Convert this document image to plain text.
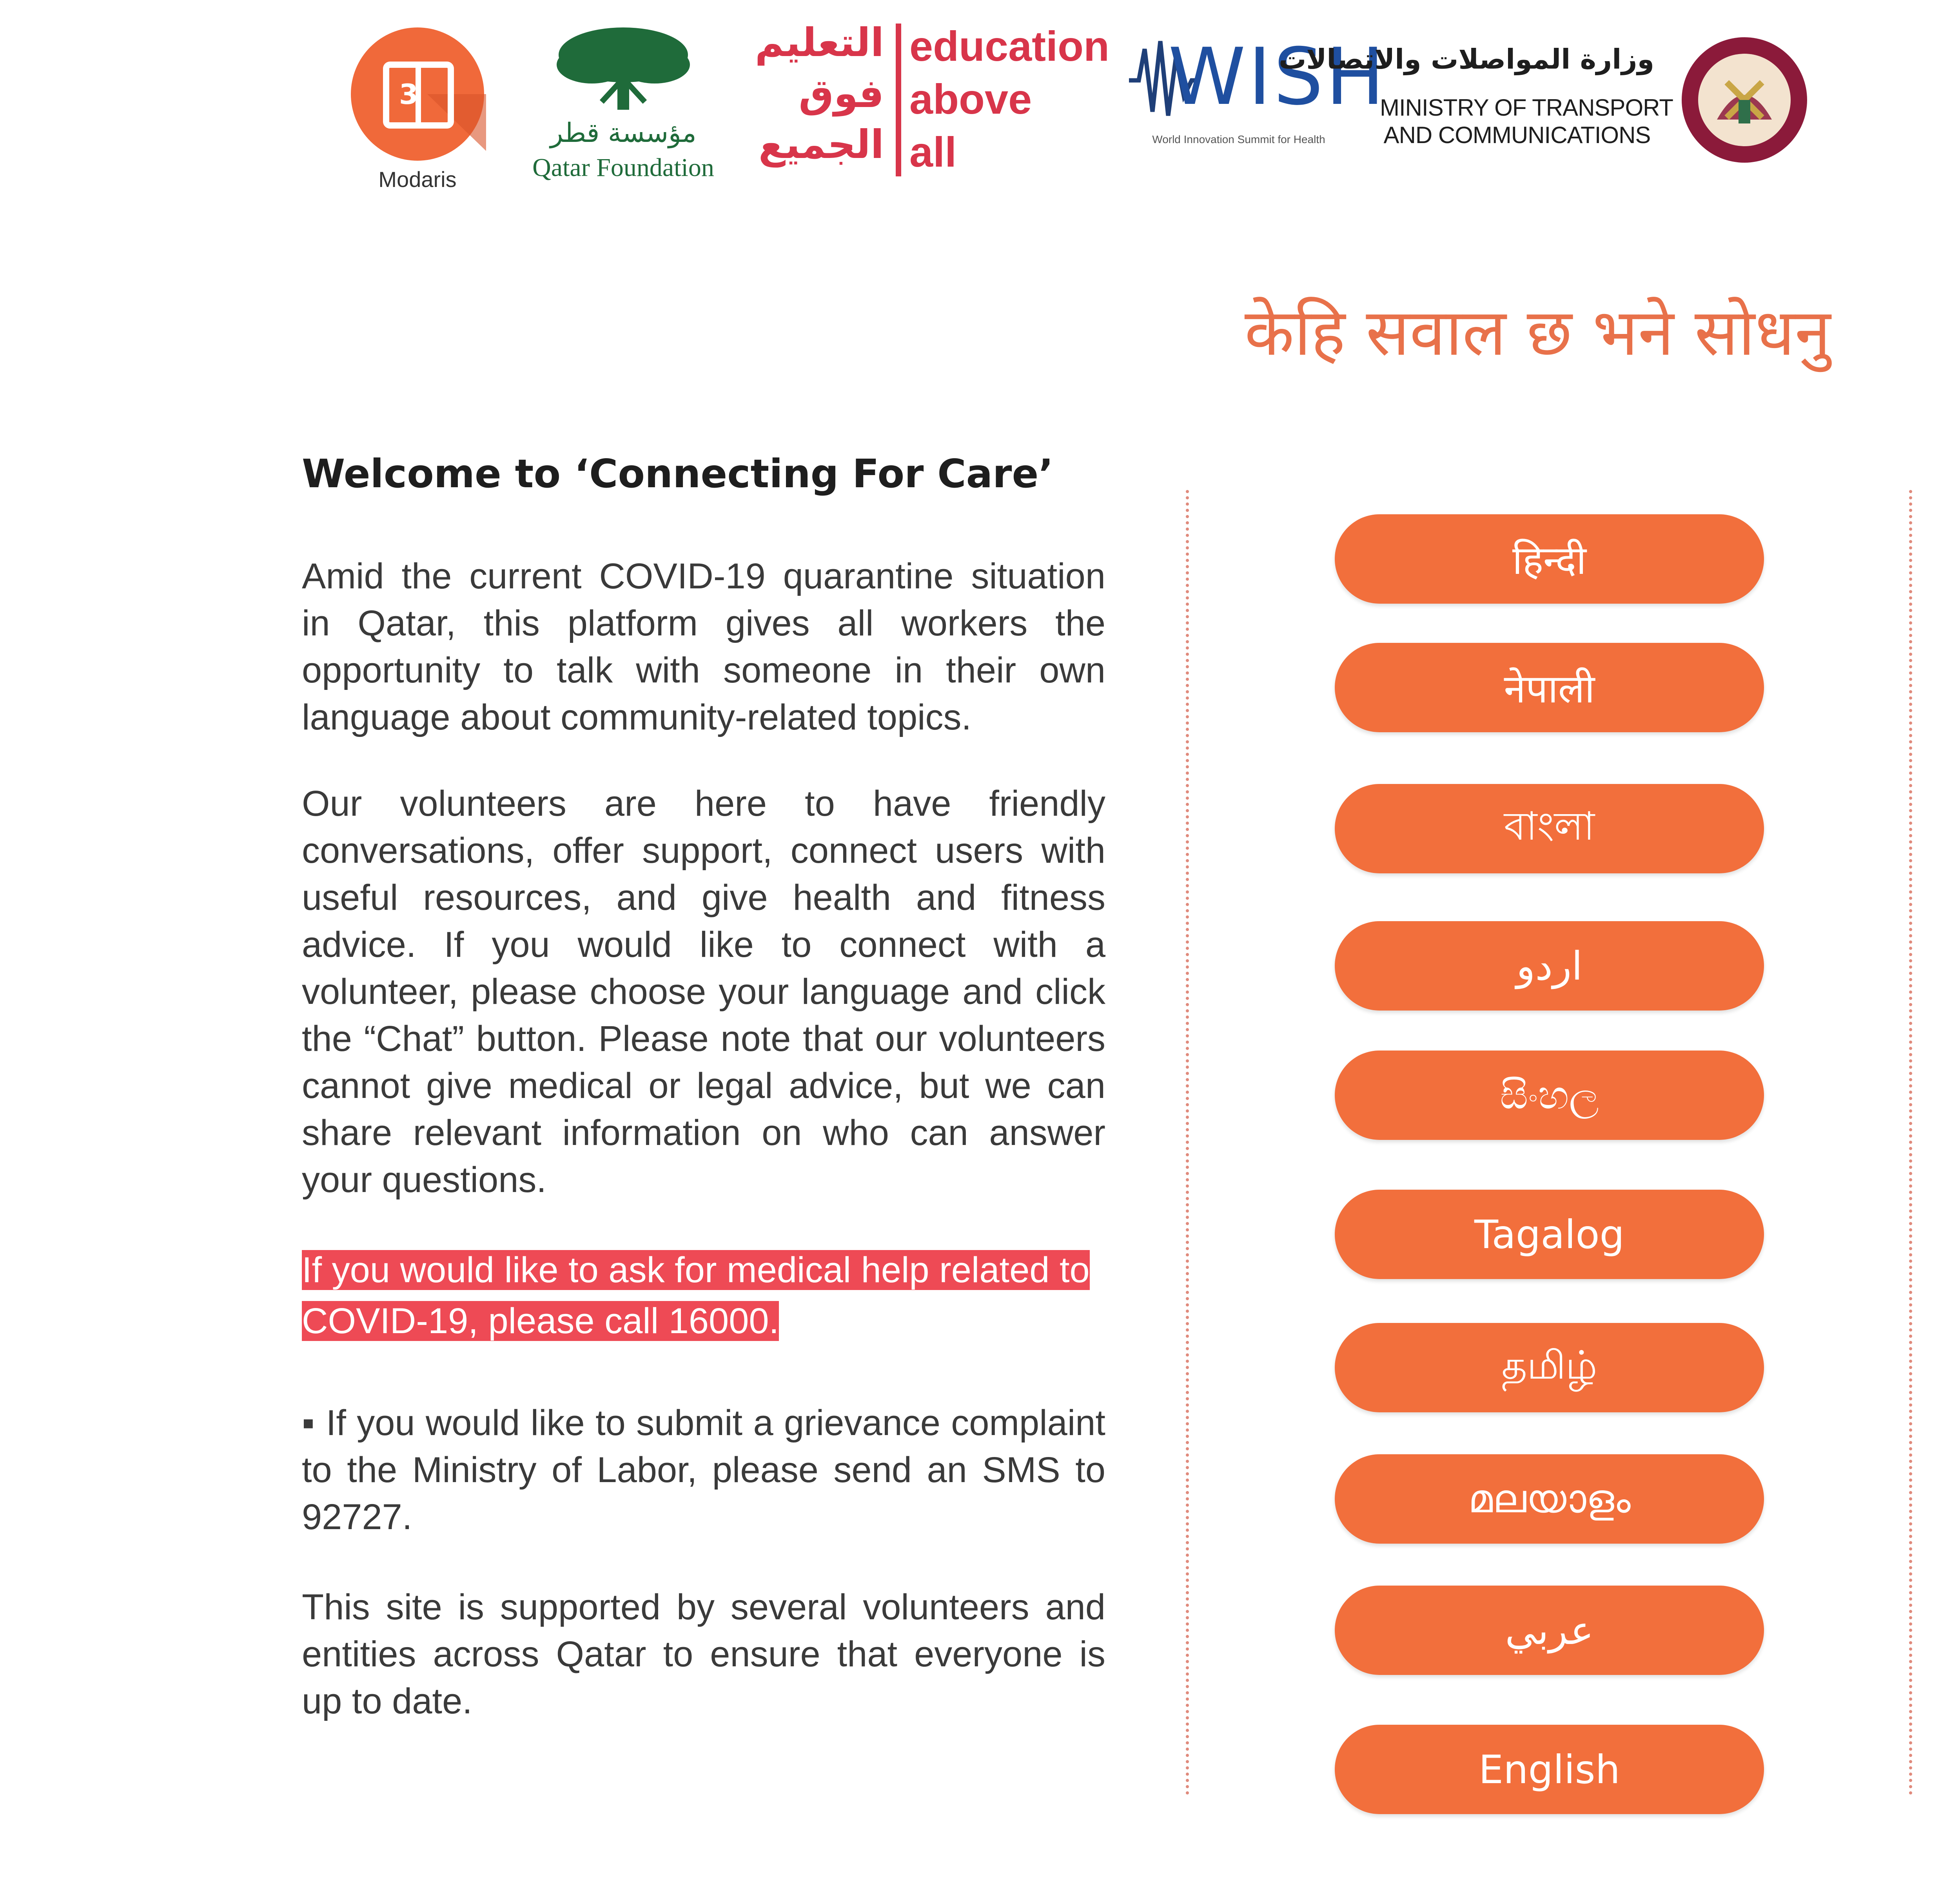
3
Modaris
مؤسسة قطر
Qatar Foundation
التعليم
فوق
الجميع
education
above
all
WISH
World Innovation Summit for Health
وزارة المواصلات والاتصالات
MINISTRY OF TRANSPORT
AND COMMUNICATIONS
केहि सवाल छ भने सोधनु
Welcome to ‘Connecting For Care’

Amid the current COVID-19 quarantine situation in Qatar, this platform gives all workers the opportunity to talk with someone in their own language about community-related topics.

Our volunteers are here to have friendly conversations, offer support, connect users with useful resources, and give health and fitness advice. If you would like to connect with a volunteer, please choose your language and click the “Chat” button. Please note that our volunteers cannot give medical or legal advice, but we can share relevant information on who can answer your questions.

If you would like to ask for medical help related to COVID-19, please call 16000.

▪ If you would like to submit a grievance complaint to the Ministry of Labor, please send an SMS to 92727.

This site is supported by several volunteers and entities across Qatar to ensure that everyone is up to date.

हिन्दी
नेपाली
বাংলা
اردو
සිංහල
Tagalog
தமிழ்
മലയാളം
عربي
English
